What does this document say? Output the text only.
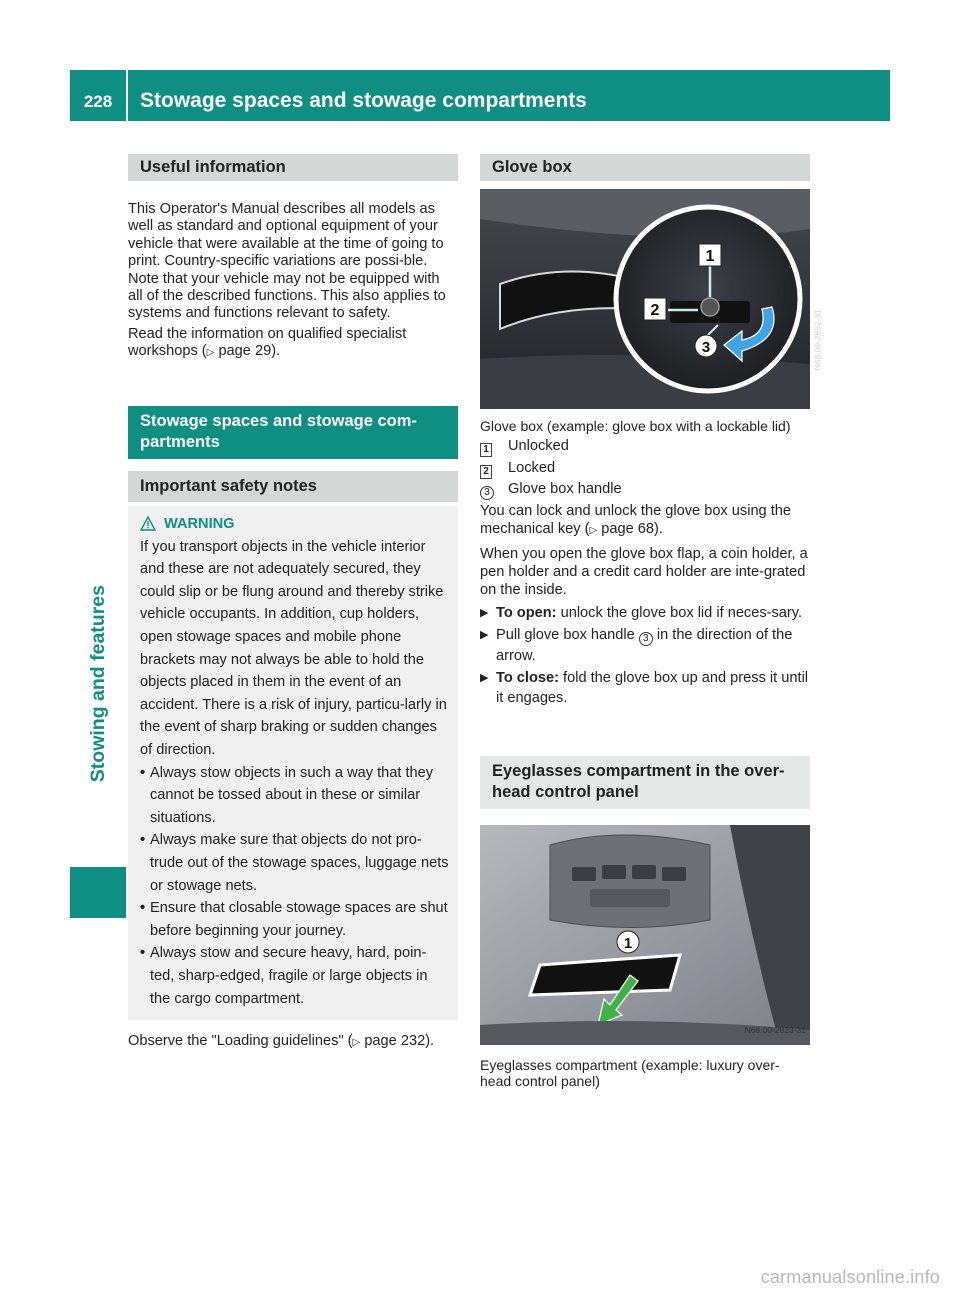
228	Stowage spaces and stowage compartments
Stowing and features
Useful information

This Operator's Manual describes all models as well as standard and optional equipment of your vehicle that were available at the time of going to print. Country-specific variations are possi-ble. Note that your vehicle may not be equipped with all of the described functions. This also applies to systems and functions relevant to safety.

Read the information on qualified specialist workshops (▷ page 29).

Stowage spaces and stowage com-partments
Important safety notes
WARNING

If you transport objects in the vehicle interior and these are not adequately secured, they could slip or be flung around and thereby strike vehicle occupants. In addition, cup holders, open stowage spaces and mobile phone brackets may not always be able to hold the objects placed in them in the event of an accident. There is a risk of injury, particu-larly in the event of sharp braking or sudden changes of direction.

• Always stow objects in such a way that they cannot be tossed about in these or similar situations.
• Always make sure that objects do not pro-trude out of the stowage spaces, luggage nets or stowage nets.
• Ensure that closable stowage spaces are shut before beginning your journey.
• Always stow and secure heavy, hard, poin-ted, sharp-edged, fragile or large objects in the cargo compartment.

Observe the "Loading guidelines" (▷ page 232).

Glove box
1
2
3	N68.00-2852-31

Glove box (example: glove box with a lockable lid)

1	Unlocked
2	Locked
3	Glove box handle

You can lock and unlock the glove box using the mechanical key (▷ page 68).

When you open the glove box flap, a coin holder, a pen holder and a credit card holder are inte-grated on the inside.

▶ To open: unlock the glove box lid if neces-sary.
▶ Pull glove box handle 3 in the direction of the arrow.
▶ To close: fold the glove box up and press it until it engages.
Eyeglasses compartment in the over-head control panel
1
N68.00-2823-31

Eyeglasses compartment (example: luxury over-head control panel)

carmanualsonline.info
